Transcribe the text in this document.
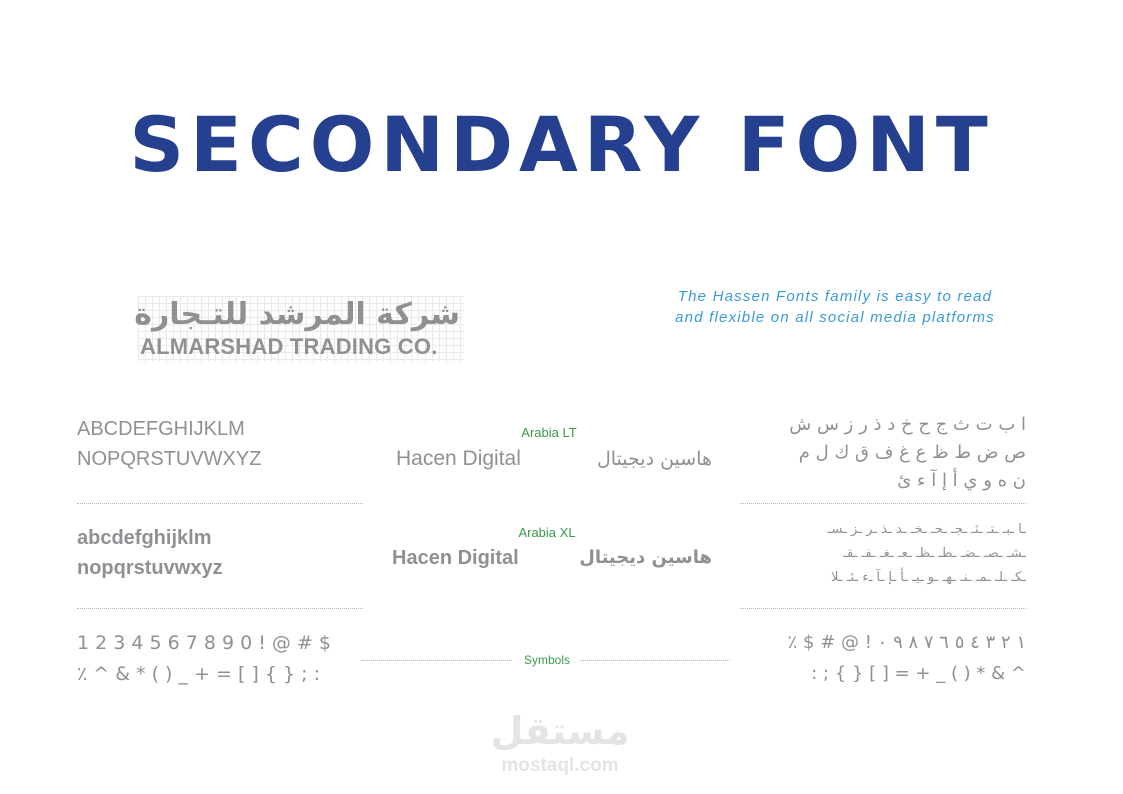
SECONDARY FONT
شركة المرشد للتـجارة
ALMARSHAD TRADING CO.
The Hassen Fonts family is easy to read
and flexible on all social media platforms
ABCDEFGHIJKLM
NOPQRSTUVWXYZ
abcdefghijklm
nopqrstuvwxyz
1 2 3 4 5 6 7 8 9 0 ! @ # $
٪ ^ & * ( ) _ + = [ ] { } ; :
Arabia LT
Hacen Digital	هاسين ديجيتال
Arabia XL
Hacen Digital	هاسين ديجيتال
Symbols
ا ب ت ث ج ح خ د ذ ر ز س ش
ص ض ط ظ ع غ ف ق ك ل م
ن ه و ي أ إ آ ء ئ
ـا ـبـ ـتـ ـثـ ـجـ ـحـ ـخـ ـد ـذ ـر ـز ـسـ
ـشـ ـصـ ـضـ ـطـ ـظـ ـعـ ـغـ ـفـ ـقـ
ـكـ ـلـ ـمـ ـنـ ـهـ ـو ـيـ ـأ ـإ ـآ ـء ـئـ ـلا
١ ٢ ٣ ٤ ٥ ٦ ٧ ٨ ٩ ٠ ! @ # $ ٪
^ & * ( ) _ + = [ ] { } ; :
مستقل
mostaql.com
